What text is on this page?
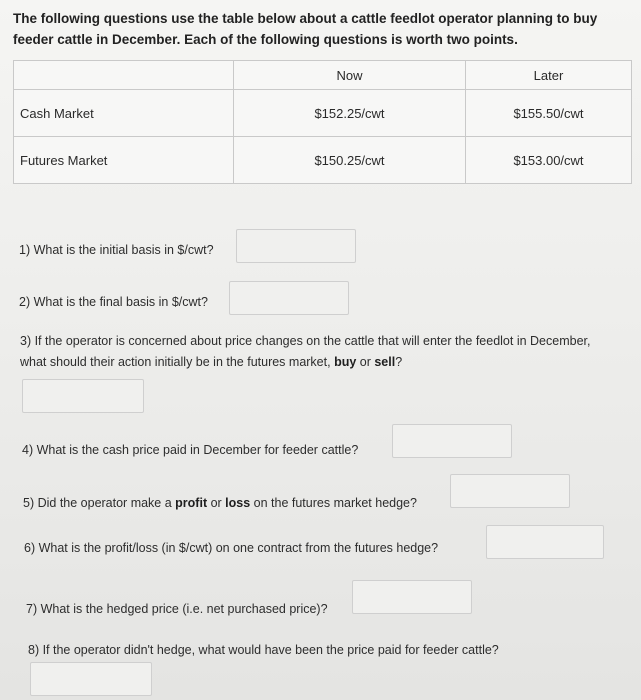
The following questions use the table below about a cattle feedlot operator planning to buy feeder cattle in December. Each of the following questions is worth two points.
	Now	Later
Cash Market	$152.25/cwt	$155.50/cwt
Futures Market	$150.25/cwt	$153.00/cwt
1) What is the initial basis in $/cwt?
2) What is the final basis in $/cwt?
3) If the operator is concerned about price changes on the cattle that will enter the feedlot in December, what should their action initially be in the futures market, buy or sell?
4) What is the cash price paid in December for feeder cattle?
5) Did the operator make a profit or loss on the futures market hedge?
6) What is the profit/loss (in $/cwt) on one contract from the futures hedge?
7) What is the hedged price (i.e. net purchased price)?
8) If the operator didn't hedge, what would have been the price paid for feeder cattle?
